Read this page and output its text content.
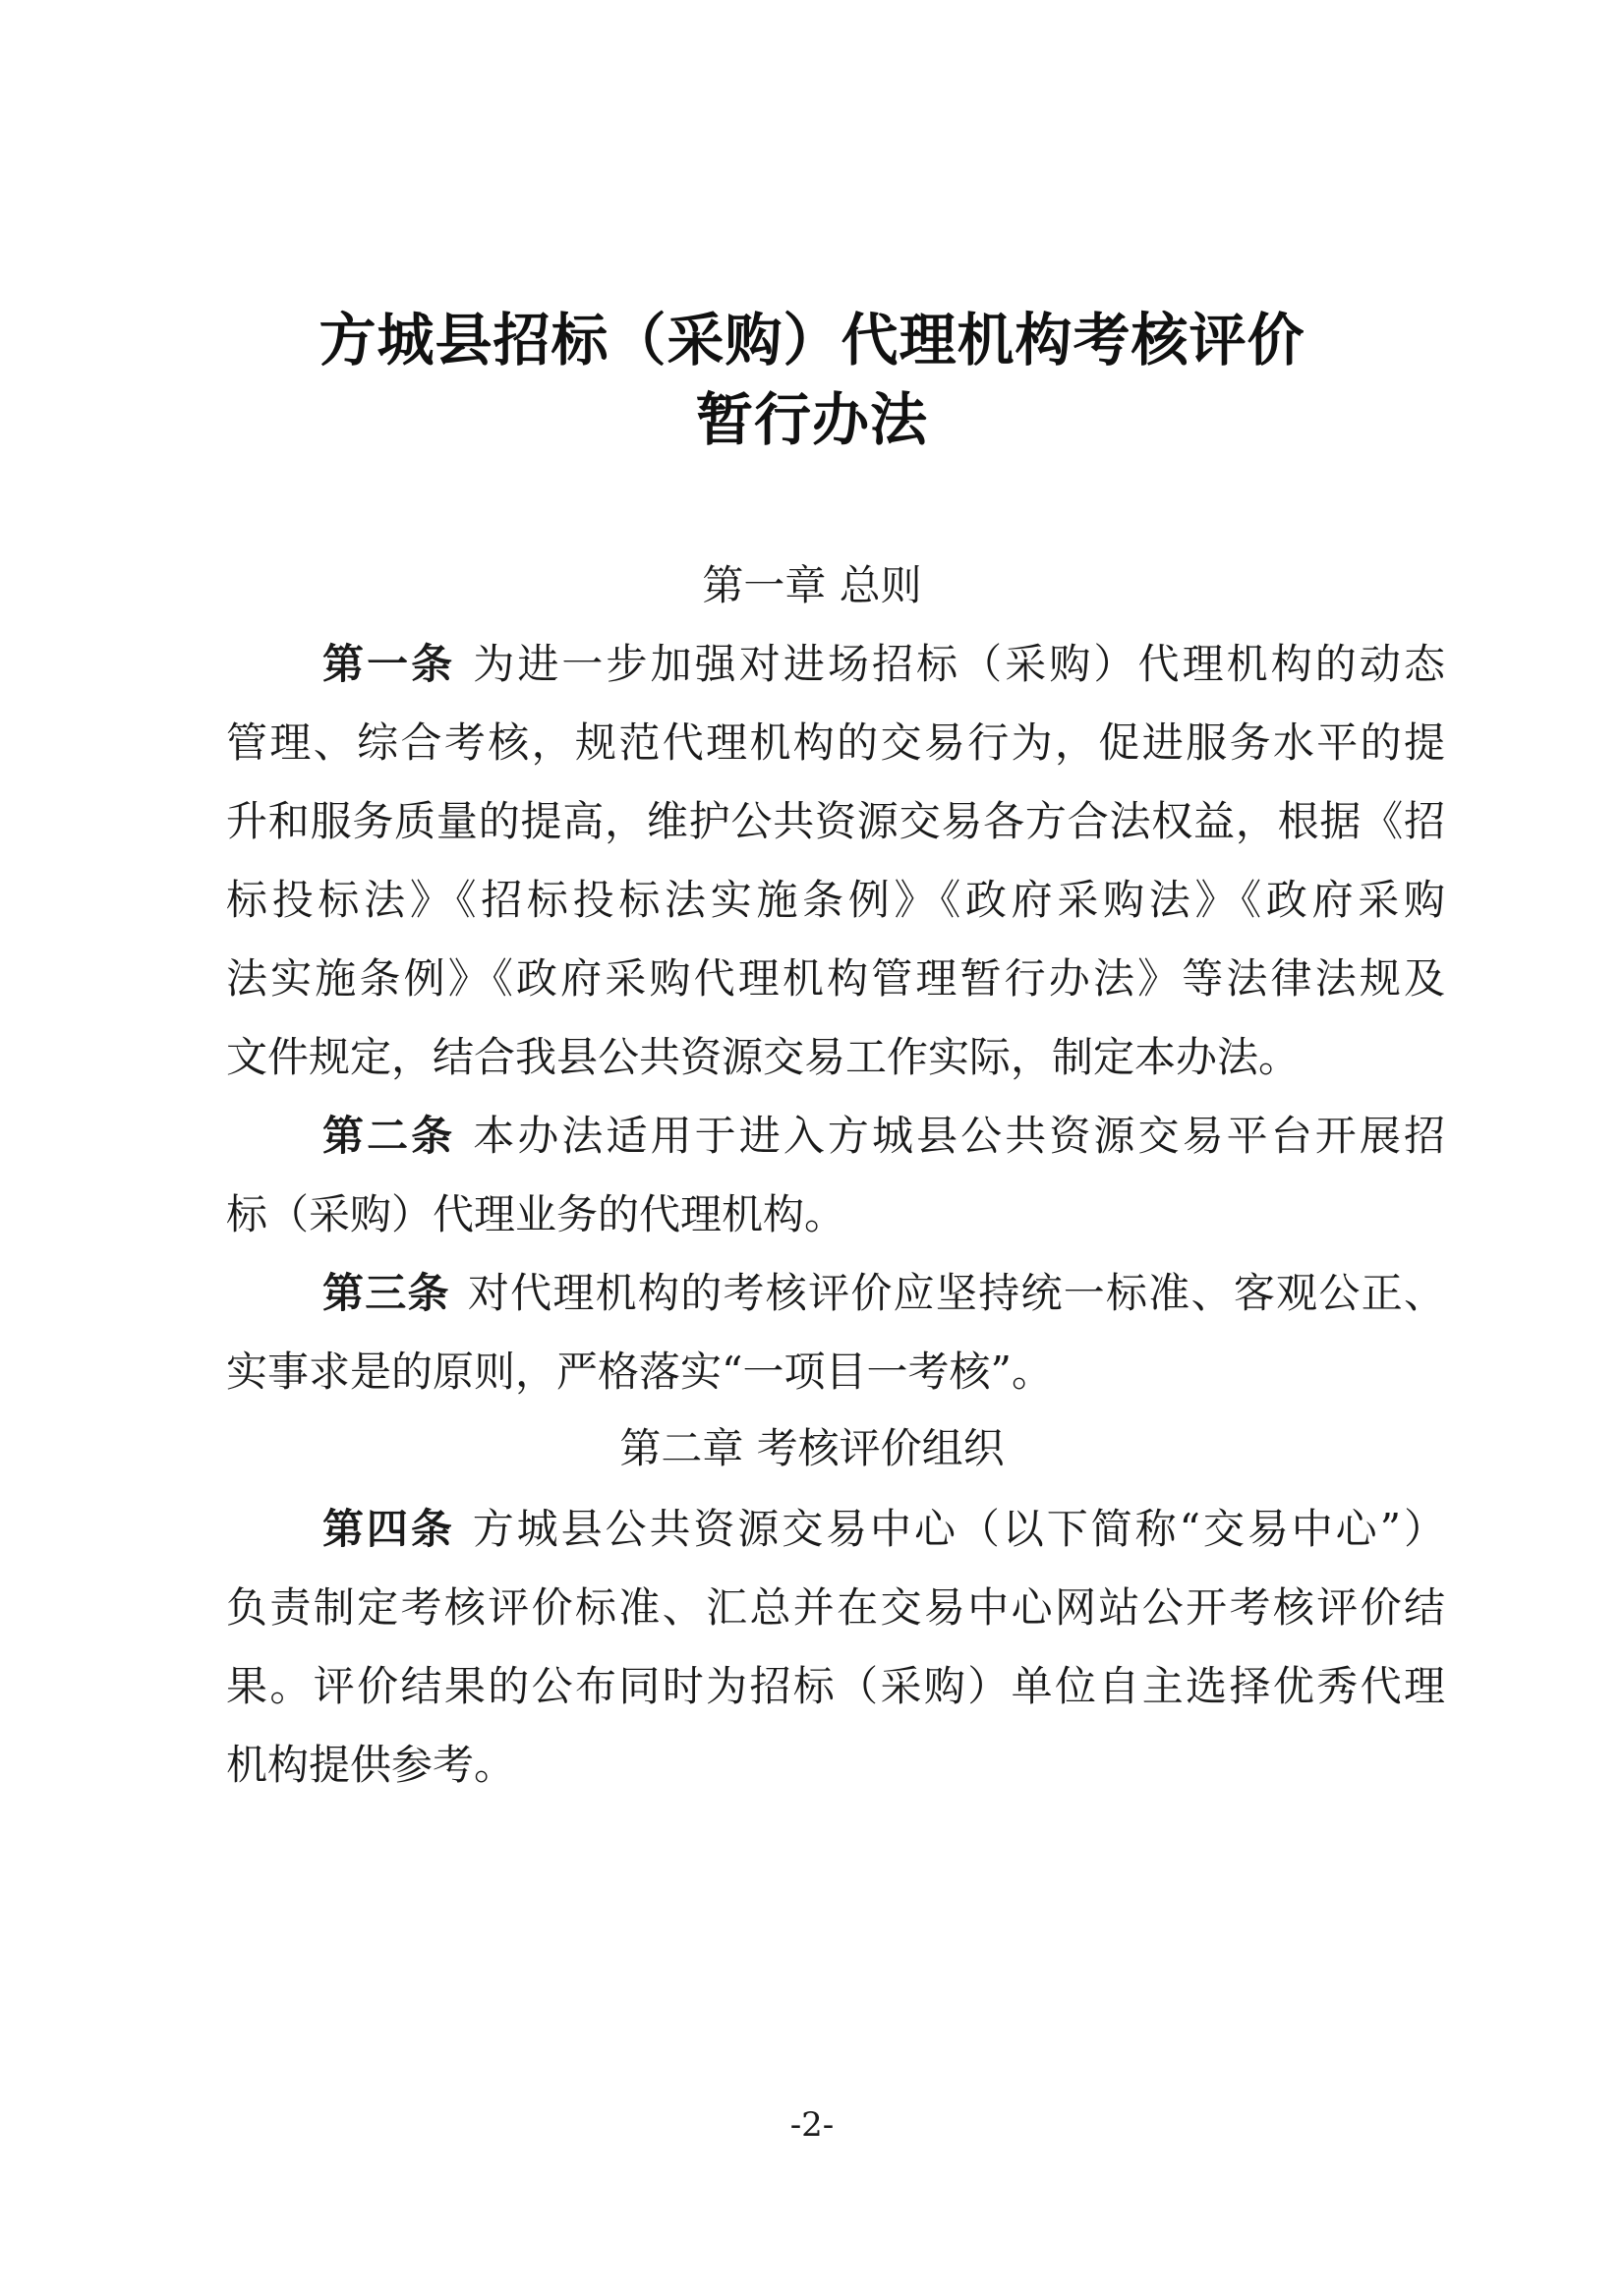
方城县招标（采购）代理机构考核评价
暂行办法
第一章 总则
第一条 为进一步加强对进场招标（采购）代理机构的动态
管理、综合考核，规范代理机构的交易行为，促进服务水平的提
升和服务质量的提高，维护公共资源交易各方合法权益，根据《招
标投标法》《招标投标法实施条例》《政府采购法》《政府采购
法实施条例》《政府采购代理机构管理暂行办法》等法律法规及
文件规定，结合我县公共资源交易工作实际，制定本办法。
第二条 本办法适用于进入方城县公共资源交易平台开展招
标（采购）代理业务的代理机构。
第三条 对代理机构的考核评价应坚持统一标准、客观公正、
实事求是的原则，严格落实“一项目一考核”。
第二章 考核评价组织
第四条 方城县公共资源交易中心（以下简称“交易中心”）
负责制定考核评价标准、汇总并在交易中心网站公开考核评价结
果。评价结果的公布同时为招标（采购）单位自主选择优秀代理
机构提供参考。
-2-
